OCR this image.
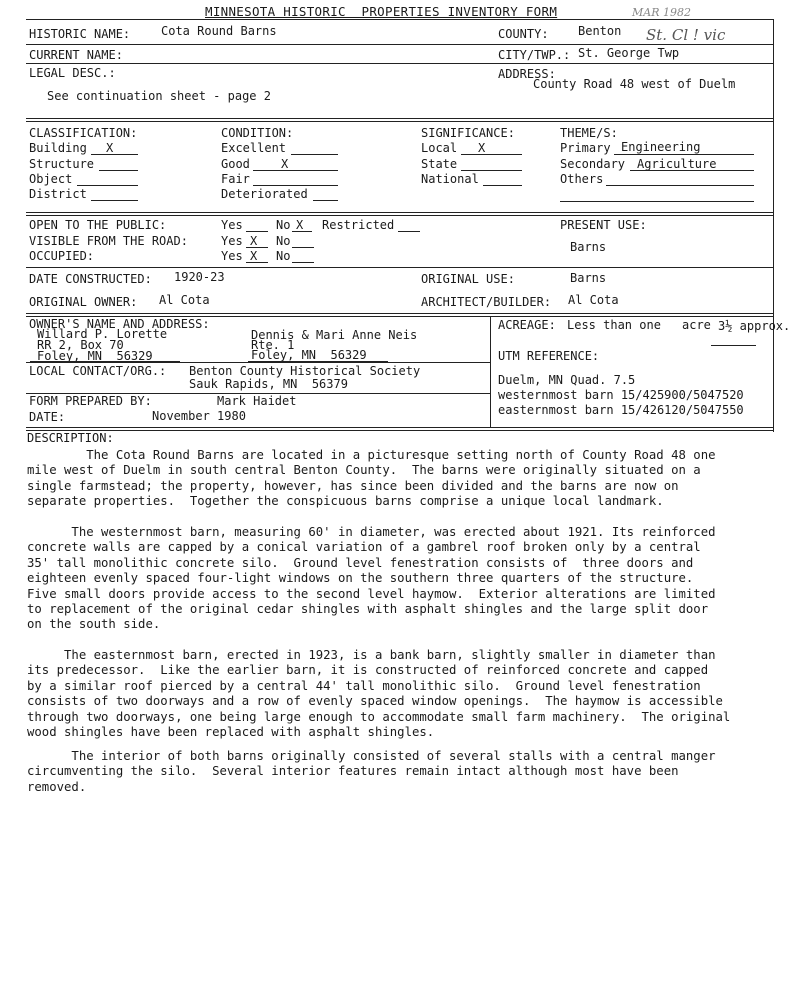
MINNESOTA HISTORIC  PROPERTIES INVENTORY FORM	MAR 1982
St. Cl ! vic
HISTORIC NAME:	Cota Round Barns	COUNTY: Benton
CURRENT NAME:	CITY/TWP.: St. George Twp
LEGAL DESC.:
See continuation sheet - page 2
ADDRESS:
County Road 48 west of Duelm
CLASSIFICATION:
Building X
Structure
Object
District
CONDITION:
Excellent
Good	X
Fair
Deteriorated
SIGNIFICANCE:
Local X
State
National
THEME/S:
Primary Engineering
Secondary Agriculture
Others
OPEN TO THE PUBLIC:	Yes	No X Restricted
VISIBLE FROM THE ROAD:	Yes X No
OCCUPIED:	Yes X No
PRESENT USE:
Barns
DATE CONSTRUCTED: 1920-23	ORIGINAL USE:	Barns
ORIGINAL OWNER: Al Cota	ARCHITECT/BUILDER: Al Cota
OWNER'S NAME AND ADDRESS:
Willard P. Lorette
RR 2, Box 70
Foley, MN  56329
Dennis & Mari Anne Neis
Rte. 1
Foley, MN  56329
ACREAGE: Less than one acre 3½ approx.
UTM REFERENCE:
Duelm, MN Quad. 7.5
westernmost barn 15/425900/5047520
easternmost barn 15/426120/5047550
LOCAL CONTACT/ORG.: Benton County Historical Society
Sauk Rapids, MN  56379
FORM PREPARED BY:	Mark Haidet
DATE:	November 1980
DESCRIPTION:

The Cota Round Barns are located in a picturesque setting north of County Road 48 one
mile west of Duelm in south central Benton County.  The barns were originally situated on a
single farmstead; the property, however, has since been divided and the barns are now on
separate properties.  Together the conspicuous barns comprise a unique local landmark.

The westernmost barn, measuring 60' in diameter, was erected about 1921. Its reinforced
concrete walls are capped by a conical variation of a gambrel roof broken only by a central
35' tall monolithic concrete silo.  Ground level fenestration consists of  three doors and
eighteen evenly spaced four-light windows on the southern three quarters of the structure.
Five small doors provide access to the second level haymow.  Exterior alterations are limited
to replacement of the original cedar shingles with asphalt shingles and the large split door
on the south side.

The easternmost barn, erected in 1923, is a bank barn, slightly smaller in diameter than
its predecessor.  Like the earlier barn, it is constructed of reinforced concrete and capped
by a similar roof pierced by a central 44' tall monolithic silo.  Ground level fenestration
consists of two doorways and a row of evenly spaced window openings.  The haymow is accessible
through two doorways, one being large enough to accommodate small farm machinery.  The original
wood shingles have been replaced with asphalt shingles.

The interior of both barns originally consisted of several stalls with a central manger
circumventing the silo.  Several interior features remain intact although most have been
removed.
